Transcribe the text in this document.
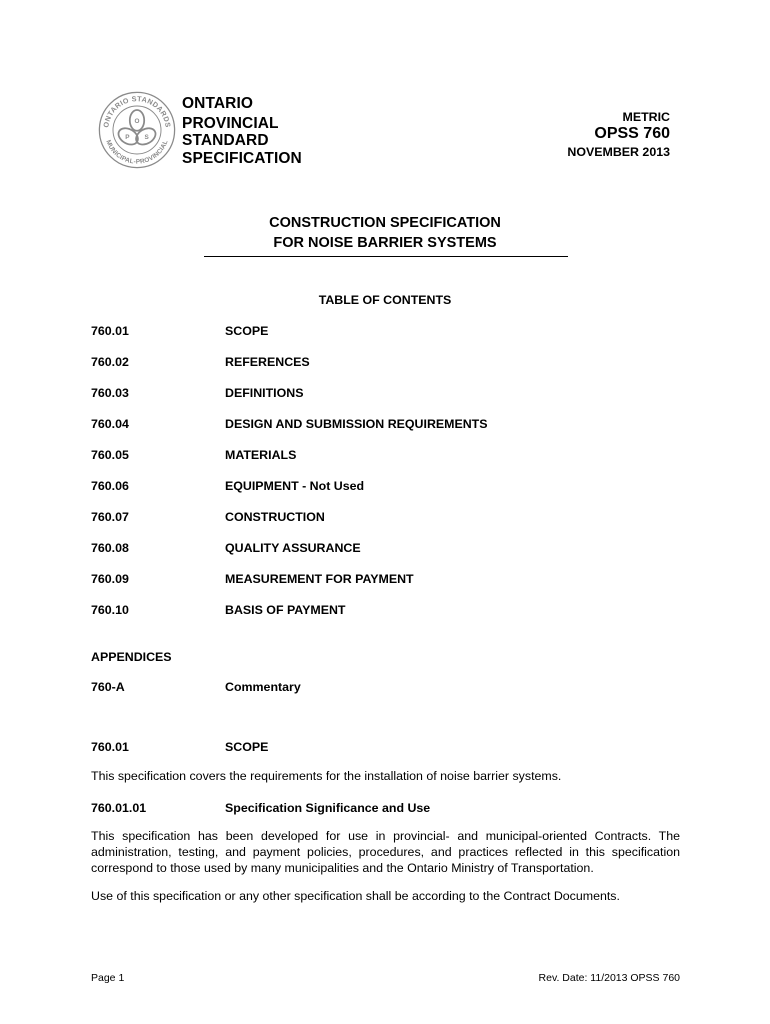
ONTARIO STANDARDS
MUNICIPAL-PROVINCIAL
O
P S
ONTARIO
PROVINCIAL
STANDARD
SPECIFICATION
METRIC
OPSS 760
NOVEMBER 2013
CONSTRUCTION SPECIFICATION
FOR NOISE BARRIER SYSTEMS
TABLE OF CONTENTS
760.01	SCOPE
760.02	REFERENCES
760.03	DEFINITIONS
760.04	DESIGN AND SUBMISSION REQUIREMENTS
760.05	MATERIALS
760.06	EQUIPMENT - Not Used
760.07	CONSTRUCTION
760.08	QUALITY ASSURANCE
760.09	MEASUREMENT FOR PAYMENT
760.10	BASIS OF PAYMENT
APPENDICES
760-A	Commentary
760.01	SCOPE
This specification covers the requirements for the installation of noise barrier systems.
760.01.01	Specification Significance and Use
This specification has been developed for use in provincial- and municipal-oriented Contracts. The administration, testing, and payment policies, procedures, and practices reflected in this specification correspond to those used by many municipalities and the Ontario Ministry of Transportation.
Use of this specification or any other specification shall be according to the Contract Documents.
Page 1	Rev. Date: 11/2013 OPSS 760
